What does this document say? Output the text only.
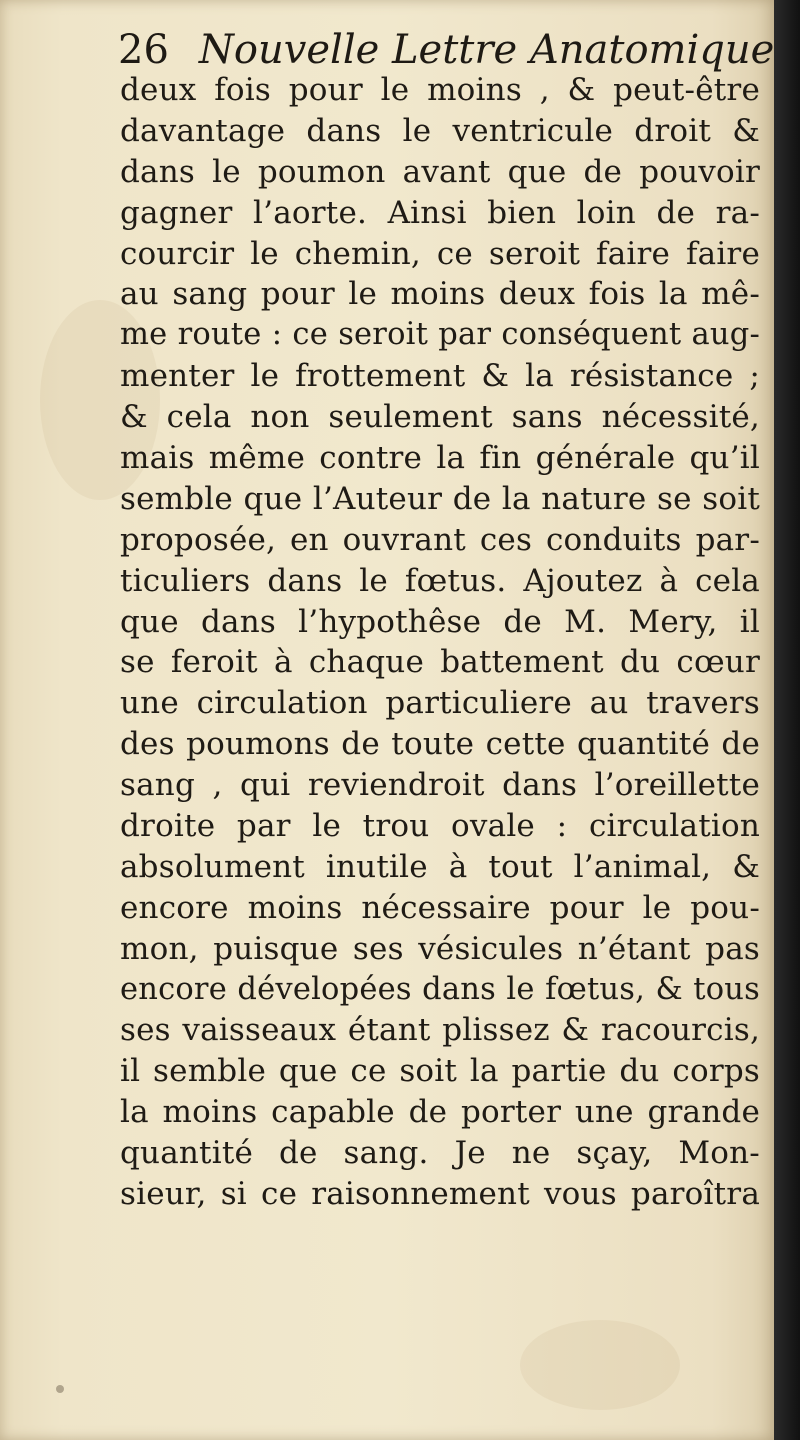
26 Nouvelle Lettre Anatomique
deux fois pour le moins , & peut-être
davantage dans le ventricule droit &
dans le poumon avant que de pouvoir
gagner l’aorte. Ainsi bien loin de ra-
courcir le chemin, ce seroit faire faire
au sang pour le moins deux fois la mê-
me route : ce seroit par conséquent aug-
menter le frottement & la résistance ;
& cela non seulement sans nécessité,
mais même contre la fin générale qu’il
semble que l’Auteur de la nature se soit
proposée, en ouvrant ces conduits par-
ticuliers dans le fœtus. Ajoutez à cela
que dans l’hypothêse de M. Mery, il
se feroit à chaque battement du cœur
une circulation particuliere au travers
des poumons de toute cette quantité de
sang , qui reviendroit dans l’oreillette
droite par le trou ovale : circulation
absolument inutile à tout l’animal, &
encore moins nécessaire pour le pou-
mon, puisque ses vésicules n’étant pas
encore dévelopées dans le fœtus, & tous
ses vaisseaux étant plissez & racourcis,
il semble que ce soit la partie du corps
la moins capable de porter une grande
quantité de sang. Je ne sçay, Mon-
sieur, si ce raisonnement vous paroîtra
